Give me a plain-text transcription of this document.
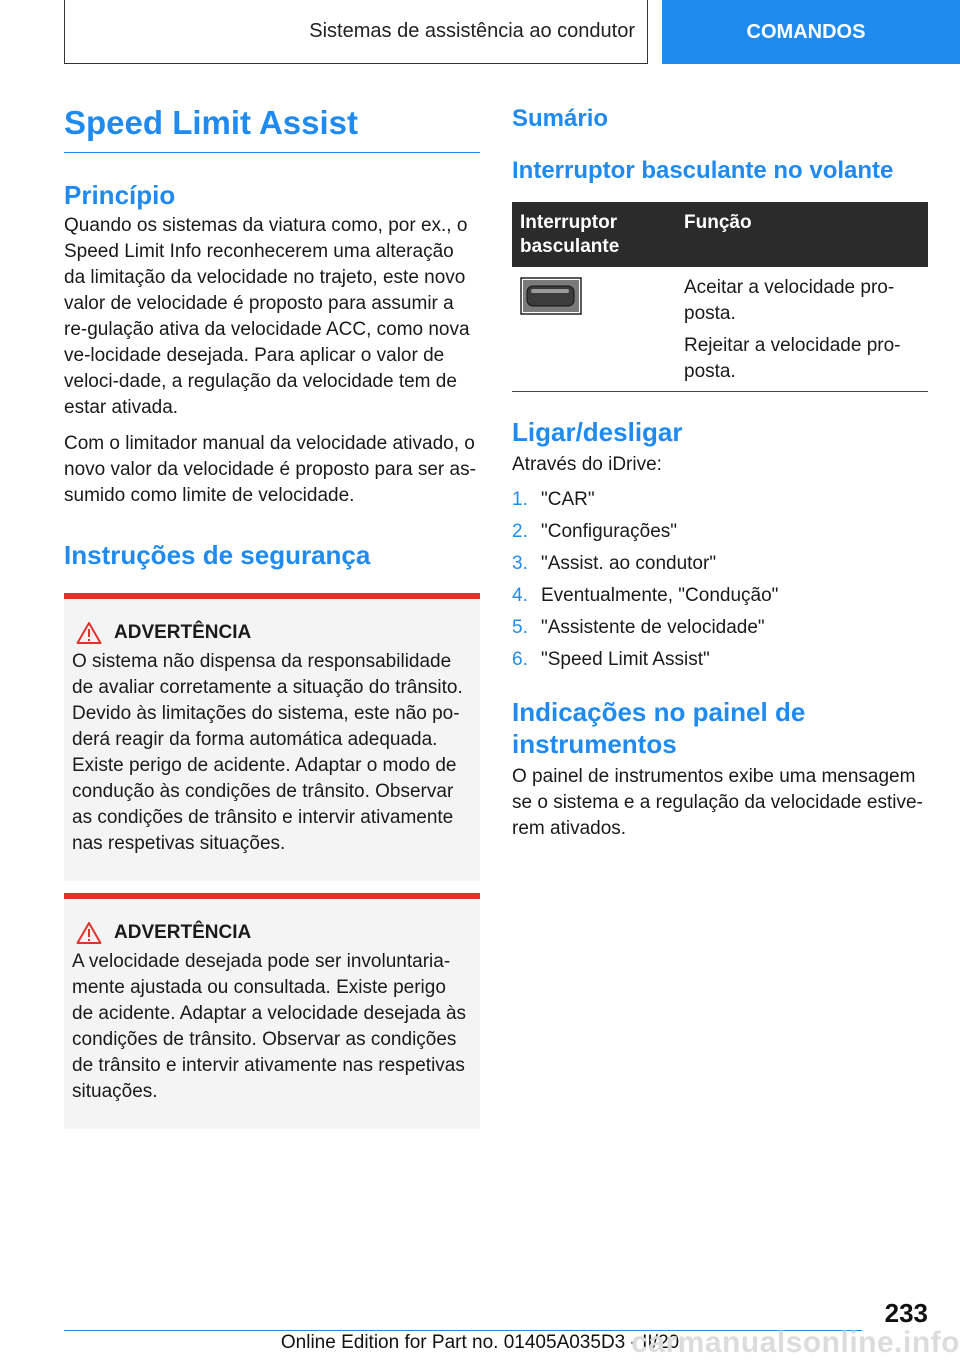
Sistemas de assistência ao condutor	COMANDOS
Speed Limit Assist
Princípio

Quando os sistemas da viatura como, por ex., o Speed Limit Info reconhecerem uma alteração da limitação da velocidade no trajeto, este novo valor de velocidade é proposto para assumir a re-gulação ativa da velocidade ACC, como nova ve-locidade desejada. Para aplicar o valor de veloci-dade, a regulação da velocidade tem de estar ativada.

Com o limitador manual da velocidade ativado, o novo valor da velocidade é proposto para ser as-sumido como limite de velocidade.

Instruções de segurança
ADVERTÊNCIA

O sistema não dispensa da responsabilidade de avaliar corretamente a situação do trânsito. Devido às limitações do sistema, este não po-derá reagir da forma automática adequada. Existe perigo de acidente. Adaptar o modo de condução às condições de trânsito. Observar as condições de trânsito e intervir ativamente nas respetivas situações.

ADVERTÊNCIA

A velocidade desejada pode ser involuntaria-mente ajustada ou consultada. Existe perigo de acidente. Adaptar a velocidade desejada às condições de trânsito. Observar as condições de trânsito e intervir ativamente nas respetivas situações.

Sumário
Interruptor basculante no volante
Interruptor basculante	Função

Aceitar a velocidade pro-posta.
Rejeitar a velocidade pro-posta.
Ligar/desligar

Através do iDrive:

1. "CAR"
2. "Configurações"
3. "Assist. ao condutor"
4. Eventualmente, "Condução"
5. "Assistente de velocidade"
6. "Speed Limit Assist"
Indicações no painel de instrumentos

O painel de instrumentos exibe uma mensagem se o sistema e a regulação da velocidade estive-rem ativados.

233
Online Edition for Part no. 01405A035D3 - II/20
carmanualsonline.info
